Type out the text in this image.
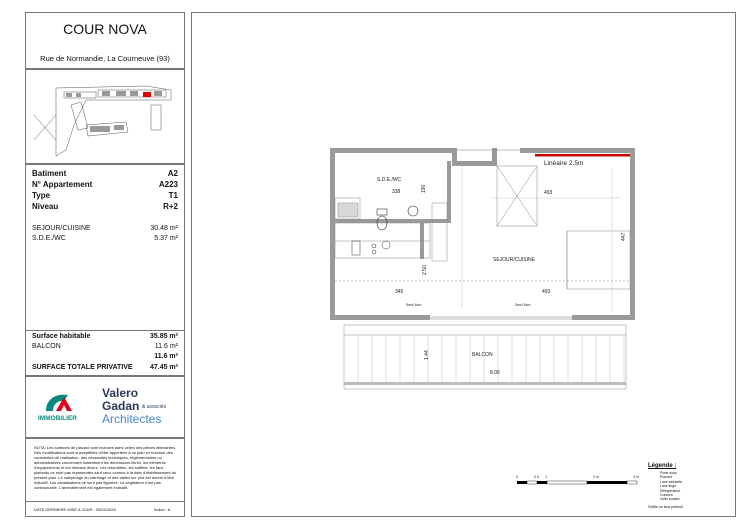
COUR NOVA
Rue de Normandie, La Courneuve (93)
Batiment	A2
N° Appartement	A223
Type	T1
Niveau	R+2
SEJOUR/CUISINE	30.48 m²
S.D.E./WC	5.37 m²
Surface habitable	35.85 m²
BALCON	11.6 m²
11.6 m²
SURFACE TOTALE PRIVATIVE 47.45 m²
IMMOBILIER
Valero
Gadan & associés
Architectes
NOTA: Les surfaces de placard sont incluses dans celles des pièces attenantes. Des modifications sont susceptibles d'être apportées à ce plan en fonction des contraintes de réalisation, des nécessités techniques, réglementaires ou administratives concernant notamment les dimensions libres, les éléments d'équipements et les réseaux divers. Les retombées, les soffites, les faux plafonds ne sont pas représentés sauf ceux connus à la date d'établissement du présent plan. Le calepinage du carrelage et des dalles sur plot est donné à titre indicatif. Les canalisations ne sont pas figurées. La végétation n'est pas contractuelle. L'ameublement est également indicatif.
DATE DERNIERE MISE A JOUR : 03/04/2026	Indice : A
S.D.E./WC
SEJOUR/CUISINE
BALCON
Linéaire 2.5m
338	190	493
447
2.50
345	493
1.44
8.06
Seuil 8cm	Seuil 8cm
0	0.5 1	2 m	3 m
Légende :
Porte sous
Placard
Lave vaisselle
Lave-linge
Réfrigérateur
Cuisson
Volet roulant
Soffite ou faux plafond
